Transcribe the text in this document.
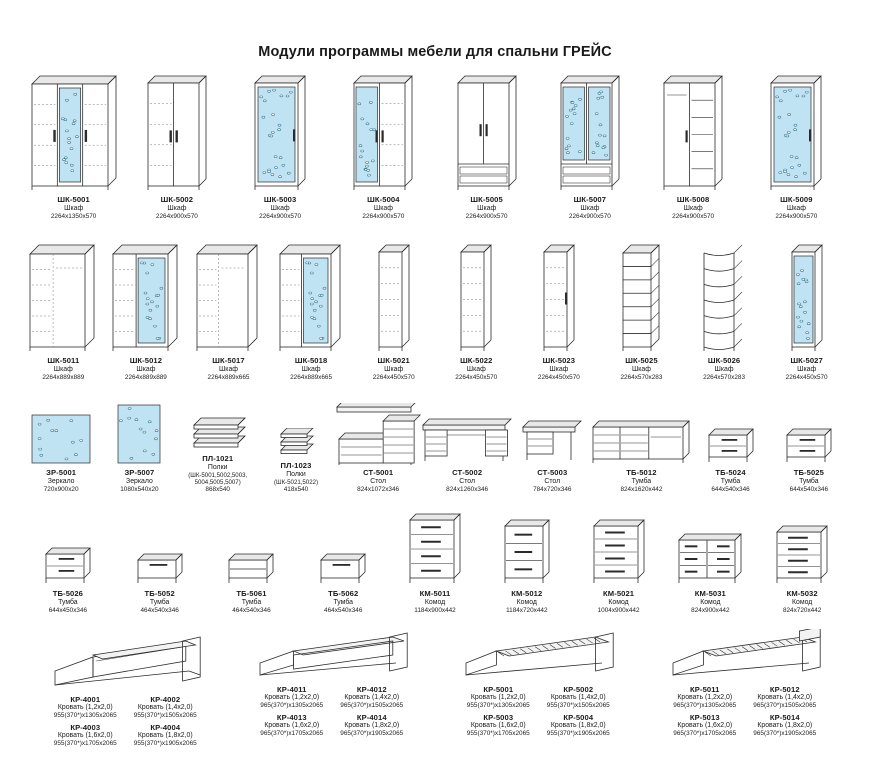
Модули программы мебели для спальни ГРЕЙС
ШК-5001
Шкаф
2264х1350х570
ШК-5002
Шкаф
2264х900х570
ШК-5003
Шкаф
2264х900х570
ШК-5004
Шкаф
2264х900х570
ШК-5005
Шкаф
2264х900х570
ШК-5007
Шкаф
2264х900х570
ШК-5008
Шкаф
2264х900х570
ШК-5009
Шкаф
2264х900х570
ШК-5011
Шкаф
2264х889х889
ШК-5012
Шкаф
2264х889х889
ШК-5017
Шкаф
2264х889х665
ШК-5018
Шкаф
2264х889х665
ШК-5021
Шкаф
2264х450х570
ШК-5022
Шкаф
2264х450х570
ШК-5023
Шкаф
2264х450х570
ШК-5025
Шкаф
2264х570х283
ШК-5026
Шкаф
2264х570х283
ШК-5027
Шкаф
2264х450х570
ЗР-5001
Зеркало
720х900х20
ЗР-5007
Зеркало
1080х540х20
ПЛ-1021
Полки
(ШК-5001,5002,5003,
5004,5005,5007)
868х540
ПЛ-1023
Полки
(ШК-5021,5022)
418х540
СТ-5001
Стол
824х1072х346
СТ-5002
Стол
824х1260х346
СТ-5003
Стол
784х720х346
ТБ-5012
Тумба
824х1620х442
ТБ-5024
Тумба
644х540х346
ТБ-5025
Тумба
644х540х346
ТБ-5026
Тумба
644х450х346
ТБ-5052
Тумба
464х540х346
ТБ-5061
Тумба
464х540х346
ТБ-5062
Тумба
464х540х346
КМ-5011
Комод
1184х900х442
КМ-5012
Комод
1184х720х442
КМ-5021
Комод
1004х900х442
КМ-5031
Комод
824х900х442
КМ-5032
Комод
824х720х442
КР-4001
Кровать (1,2х2,0)
955(370*)х1305х2065
КР-4002
Кровать (1,4х2,0)
955(370*)х1505х2065
КР-4003
Кровать (1,6х2,0)
955(370*)х1705х2065
КР-4004
Кровать (1,8х2,0)
955(370*)х1905х2065
КР-4011
Кровать (1,2х2,0)
965(370*)х1305х2065
КР-4012
Кровать (1,4х2,0)
965(370*)х1505х2065
КР-4013
Кровать (1,6х2,0)
965(370*)х1705х2065
КР-4014
Кровать (1,8х2,0)
965(370*)х1905х2065
КР-5001
Кровать (1,2х2,0)
955(370*)х1305х2065
КР-5002
Кровать (1,4х2,0)
955(370*)х1505х2065
КР-5003
Кровать (1,6х2,0)
955(370*)х1705х2065
КР-5004
Кровать (1,8х2,0)
955(370*)х1905х2065
КР-5011
Кровать (1,2х2,0)
965(370*)х1305х2065
КР-5012
Кровать (1,4х2,0)
965(370*)х1505х2065
КР-5013
Кровать (1,6х2,0)
965(370*)х1705х2065
КР-5014
Кровать (1,8х2,0)
965(370*)х1905х2065
